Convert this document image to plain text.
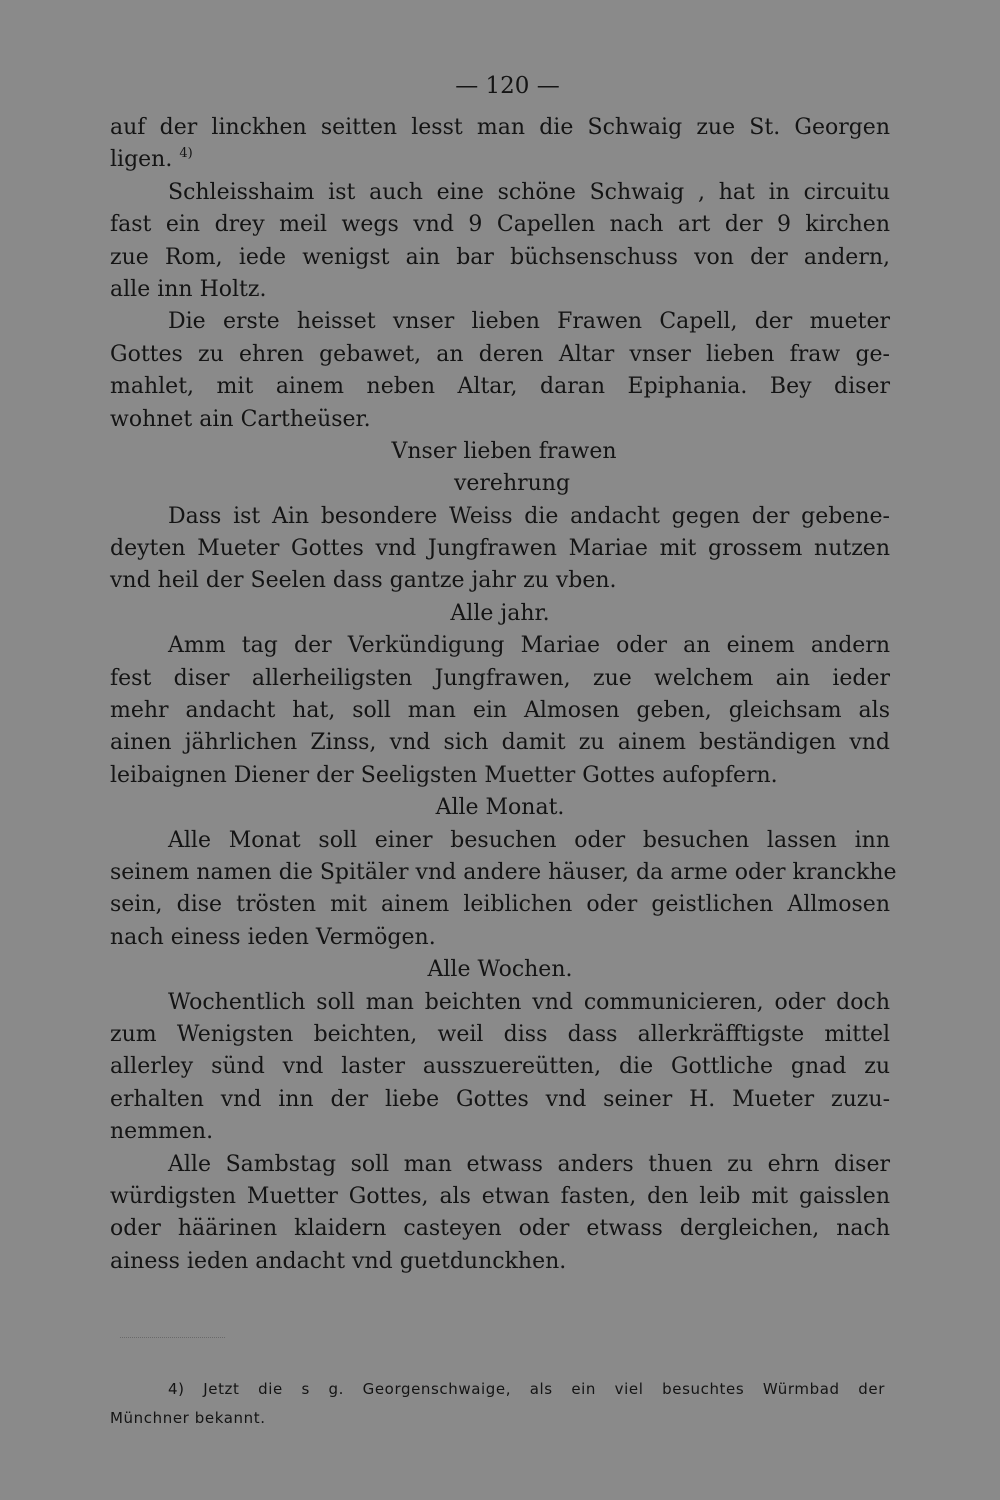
— 120 —
auf der linckhen seitten lesst man die Schwaig zue St. Georgen
ligen. $^{4)}$
Schleisshaim ist auch eine schöne Schwaig , hat in circuitu
fast ein drey meil wegs vnd 9 Capellen nach art der 9 kirchen
zue Rom, iede wenigst ain bar büchsenschuss von der andern,
alle inn Holtz.
Die erste heisset vnser lieben Frawen Capell, der mueter
Gottes zu ehren gebawet, an deren Altar vnser lieben fraw ge-
mahlet, mit ainem neben Altar, daran Epiphania. Bey diser
wohnet ain Cartheüser.
Vnser lieben frawen
verehrung
Dass ist Ain besondere Weiss die andacht gegen der gebene-
deyten Mueter Gottes vnd Jungfrawen Mariae mit grossem nutzen
vnd heil der Seelen dass gantze jahr zu vben.
Alle jahr.
Amm tag der Verkündigung Mariae oder an einem andern
fest diser allerheiligsten Jungfrawen, zue welchem ain ieder
mehr andacht hat, soll man ein Almosen geben, gleichsam als
ainen jährlichen Zinss, vnd sich damit zu ainem beständigen vnd
leibaignen Diener der Seeligsten Muetter Gottes aufopfern.
Alle Monat.
Alle Monat soll einer besuchen oder besuchen lassen inn
seinem namen die Spitäler vnd andere häuser, da arme oder kranckhe
sein, dise trösten mit ainem leiblichen oder geistlichen Allmosen
nach einess ieden Vermögen.
Alle Wochen.
Wochentlich soll man beichten vnd communicieren, oder doch
zum Wenigsten beichten, weil diss dass allerkräfftigste mittel
allerley sünd vnd laster ausszuereütten, die Gottliche gnad zu
erhalten vnd inn der liebe Gottes vnd seiner H. Mueter zuzu-
nemmen.
Alle Sambstag soll man etwass anders thuen zu ehrn diser
würdigsten Muetter Gottes, als etwan fasten, den leib mit gaisslen
oder häärinen klaidern casteyen oder etwass dergleichen, nach
ainess ieden andacht vnd guetdunckhen.
4) Jetzt die s g. Georgenschwaige, als ein viel besuchtes Würmbad der
Münchner bekannt.
